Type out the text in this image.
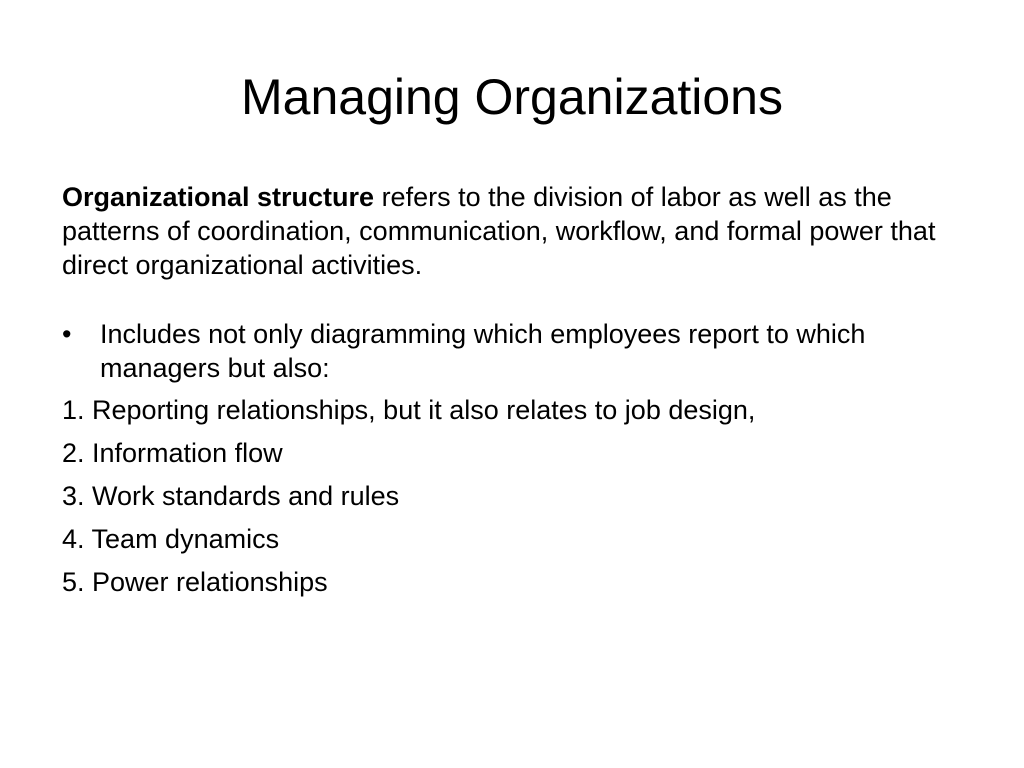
Managing Organizations

Organizational structure refers to the division of labor as well as the patterns of coordination, communication, workflow, and formal power that direct organizational activities.

• Includes not only diagramming which employees report to which managers but also:
1. Reporting relationships, but it also relates to job design,
2. Information flow
3. Work standards and rules
4. Team dynamics
5. Power relationships
